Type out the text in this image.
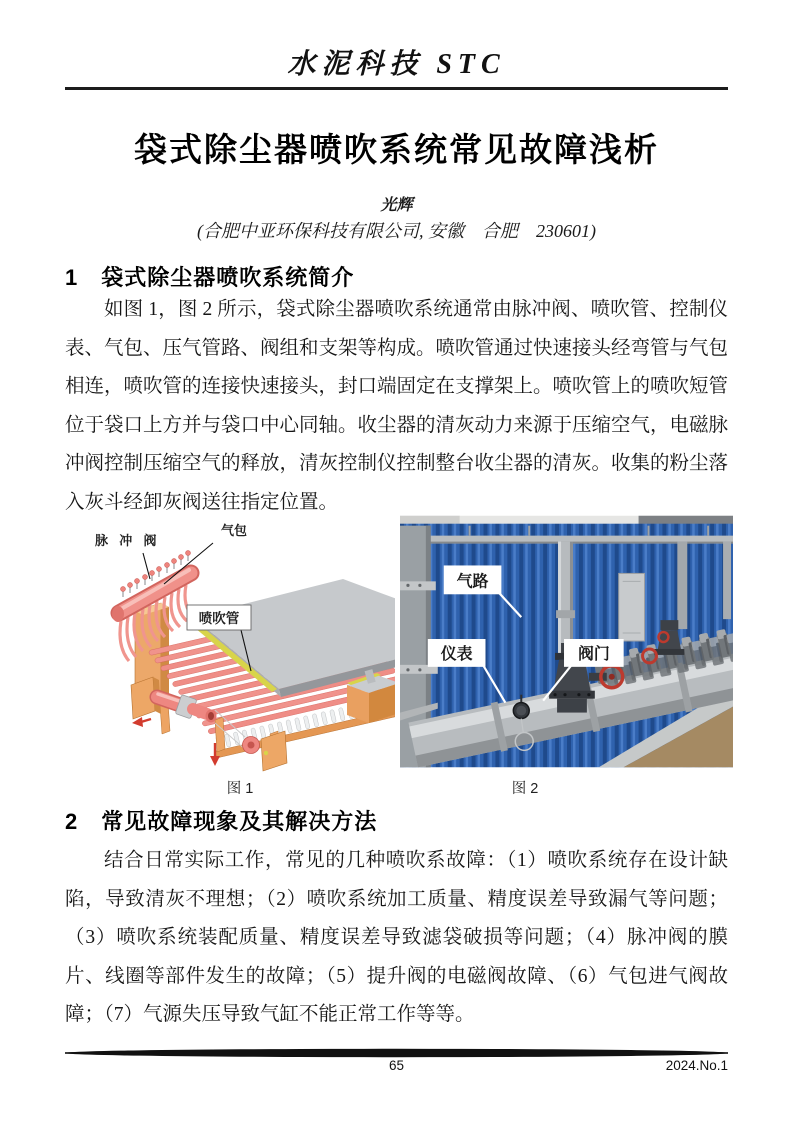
水泥科技 STC
袋式除尘器喷吹系统常见故障浅析
光辉
(合肥中亚环保科技有限公司, 安徽　合肥　230601)
1　袋式除尘器喷吹系统简介
如图 1，图 2 所示，袋式除尘器喷吹系统通常由脉冲阀、喷吹管、控制仪表、气包、压气管路、阀组和支架等构成。喷吹管通过快速接头经弯管与气包相连，喷吹管的连接快速接头，封口端固定在支撑架上。喷吹管上的喷吹短管位于袋口上方并与袋口中心同轴。收尘器的清灰动力来源于压缩空气，电磁脉冲阀控制压缩空气的释放，清灰控制仪控制整台收尘器的清灰。收集的粉尘落入灰斗经卸灰阀送往指定位置。
脉 冲 阀
气包
喷吹管
气路
仪表	阀门
图 1	图 2
2　常见故障现象及其解决方法
结合日常实际工作，常见的几种喷吹系故障：（1）喷吹系统存在设计缺陷，导致清灰不理想；（2）喷吹系统加工质量、精度误差导致漏气等问题；（3）喷吹系统装配质量、精度误差导致滤袋破损等问题；（4）脉冲阀的膜片、线圈等部件发生的故障；（5）提升阀的电磁阀故障、（6）气包进气阀故障；（7）气源失压导致气缸不能正常工作等等。
65	2024.No.1
